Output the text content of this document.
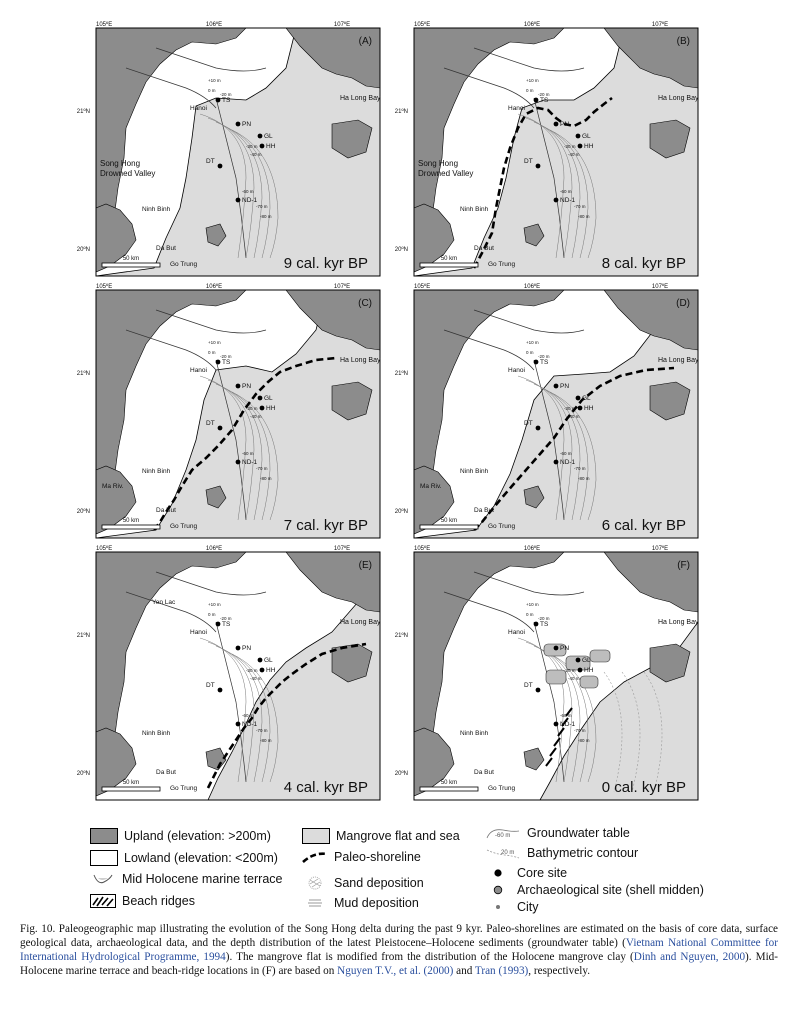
105ºE	106ºE	107ºE
21ºN
20ºN
(A)
9 cal. kyr BP
50 km
Ha Long Bay
Hanoi
Ninh Binh
Da But
Go Trung
Song Hong
Drowned Valley
TS
PN
GL
HH
DT
ND-1
+10 m
0 m
-20 m
-30 m
-40 m
-60 m
-70 m
-80 m
105ºE	106ºE	107ºE
21ºN
20ºN
(B)
8 cal. kyr BP
50 km
Ha Long Bay
Hanoi
Ninh Binh
Da But
Go Trung
Song Hong
Drowned Valley
TS
PN
GL
HH
DT
ND-1
+10 m
0 m
-20 m
-30 m
-40 m
-60 m
-70 m
-80 m
105ºE	106ºE	107ºE
21ºN
20ºN
(C)
7 cal. kyr BP
50 km
Ha Long Bay
Hanoi
Ninh Binh
Da But
Go Trung
Ma Riv.
TS
PN
GL
HH
DT
ND-1
+10 m
0 m
-20 m
-30 m
-40 m
-60 m
-70 m
-80 m
105ºE	106ºE	107ºE
21ºN
20ºN
(D)
6 cal. kyr BP
50 km
Ha Long Bay
Hanoi
Ninh Binh
Da But
Go Trung
Ma Riv.
TS
PN
GL
HH
DT
ND-1
+10 m
0 m
-20 m
-30 m
-40 m
-60 m
-70 m
-80 m
105ºE	106ºE	107ºE
21ºN
20ºN
(E)
4 cal. kyr BP
50 km
Ha Long Bay
Hanoi
Ninh Binh
Da But
Go Trung
Yen Lac
TS
PN
GL
HH
DT
ND-1
+10 m
0 m
-20 m
-30 m
-40 m
-60 m
-70 m
-80 m
105ºE	106ºE	107ºE
21ºN
20ºN
(F)
0 cal. kyr BP
50 km
Ha Long Bay
Hanoi
Ninh Binh
Da But
Go Trung
TS
PN
GL
HH
DT
ND-1
+10 m
0 m
-20 m
-30 m
-40 m
-60 m
-70 m
-80 m
Upland (elevation: >200m)
Lowland (elevation: <200m)
Mid Holocene marine terrace
Beach ridges
Mangrove flat and sea
Paleo-shoreline
Sand deposition
Mud deposition
-60 m Groundwater table
20 m Bathymetric contour
Core site
Archaeological site (shell midden)
City
Fig. 10. Paleogeographic map illustrating the evolution of the Song Hong delta during the past 9 kyr. Paleo-shorelines are estimated on the basis of core data, surface geological data, archaeological data, and the depth distribution of the latest Pleistocene–Holocene sediments (groundwater table) (Vietnam National Committee for International Hydrological Programme, 1994). The mangrove flat is modified from the distribution of the Holocene mangrove clay (Dinh and Nguyen, 2000). Mid-Holocene marine terrace and beach-ridge locations in (F) are based on Nguyen T.V., et al. (2000) and Tran (1993), respectively.
